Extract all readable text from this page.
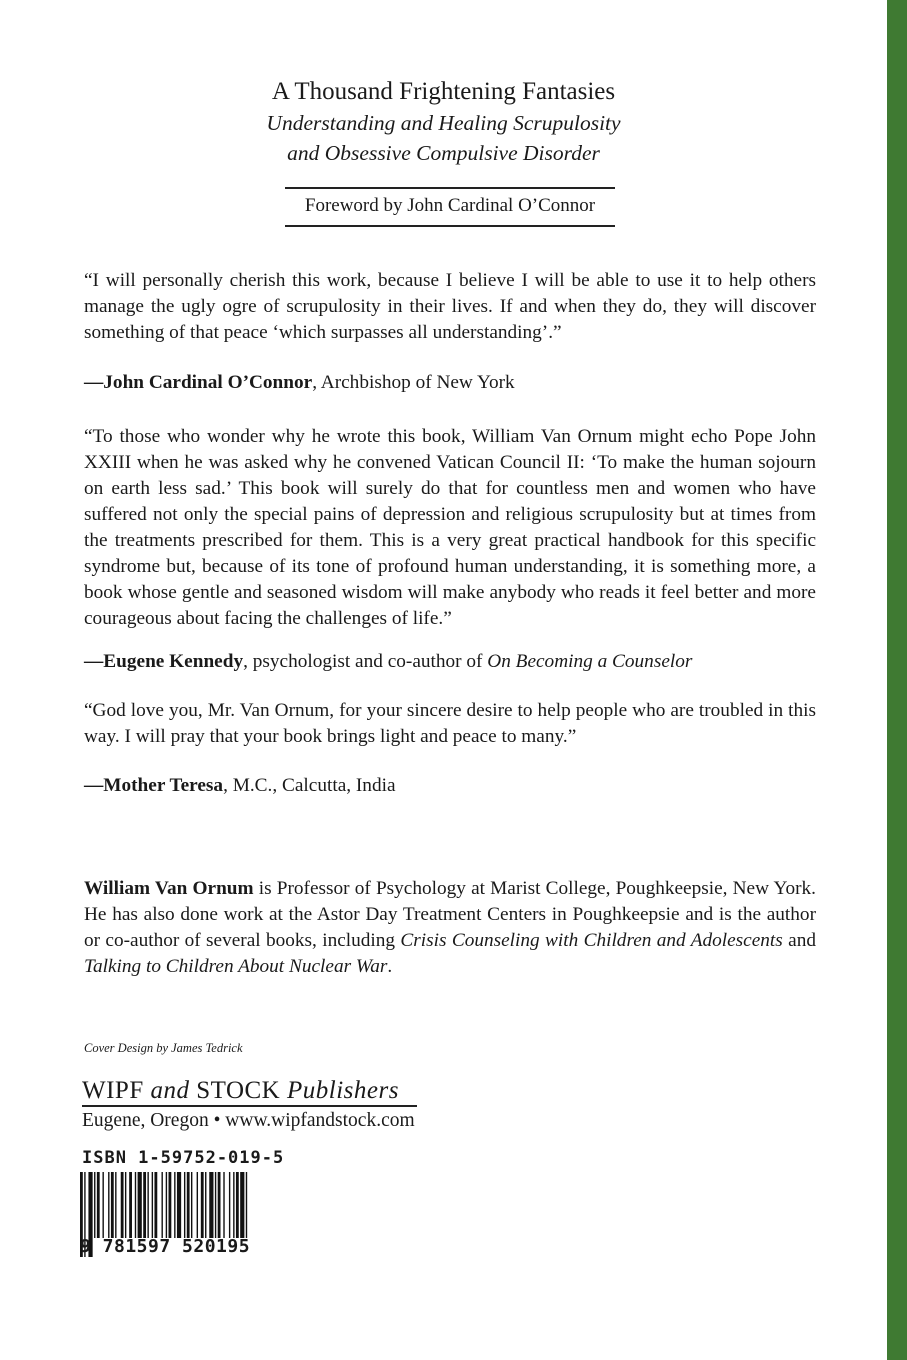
A Thousand Frightening Fantasies
Understanding and Healing Scrupulosity
and Obsessive Compulsive Disorder
Foreword by John Cardinal O’Connor
“I will personally cherish this work, because I believe I will be able to use it to help others manage the ugly ogre of scrupulosity in their lives. If and when they do, they will discover something of that peace ‘which surpasses all understanding’.”
—John Cardinal O’Connor, Archbishop of New York
“To those who wonder why he wrote this book, William Van Ornum might echo Pope John XXIII when he was asked why he convened Vatican Council II: ‘To make the human sojourn on earth less sad.’ This book will surely do that for countless men and women who have suffered not only the special pains of depression and religious scrupulosity but at times from the treatments prescribed for them. This is a very great practical handbook for this specific syndrome but, because of its tone of profound human understanding, it is something more, a book whose gentle and seasoned wisdom will make anybody who reads it feel better and more courageous about facing the challenges of life.”
—Eugene Kennedy, psychologist and co-author of On Becoming a Counselor
“God love you, Mr. Van Ornum, for your sincere desire to help people who are troubled in this way. I will pray that your book brings light and peace to many.”
—Mother Teresa, M.C., Calcutta, India
William Van Ornum is Professor of Psychology at Marist College, Poughkeepsie, New York. He has also done work at the Astor Day Treatment Centers in Poughkeepsie and is the author or co-author of several books, including Crisis Counseling with Children and Adolescents and Talking to Children About Nuclear War.
Cover Design by James Tedrick
WIPF and STOCK Publishers
Eugene, Oregon • www.wipfandstock.com
ISBN 1-59752-019-5
9 781597 520195
